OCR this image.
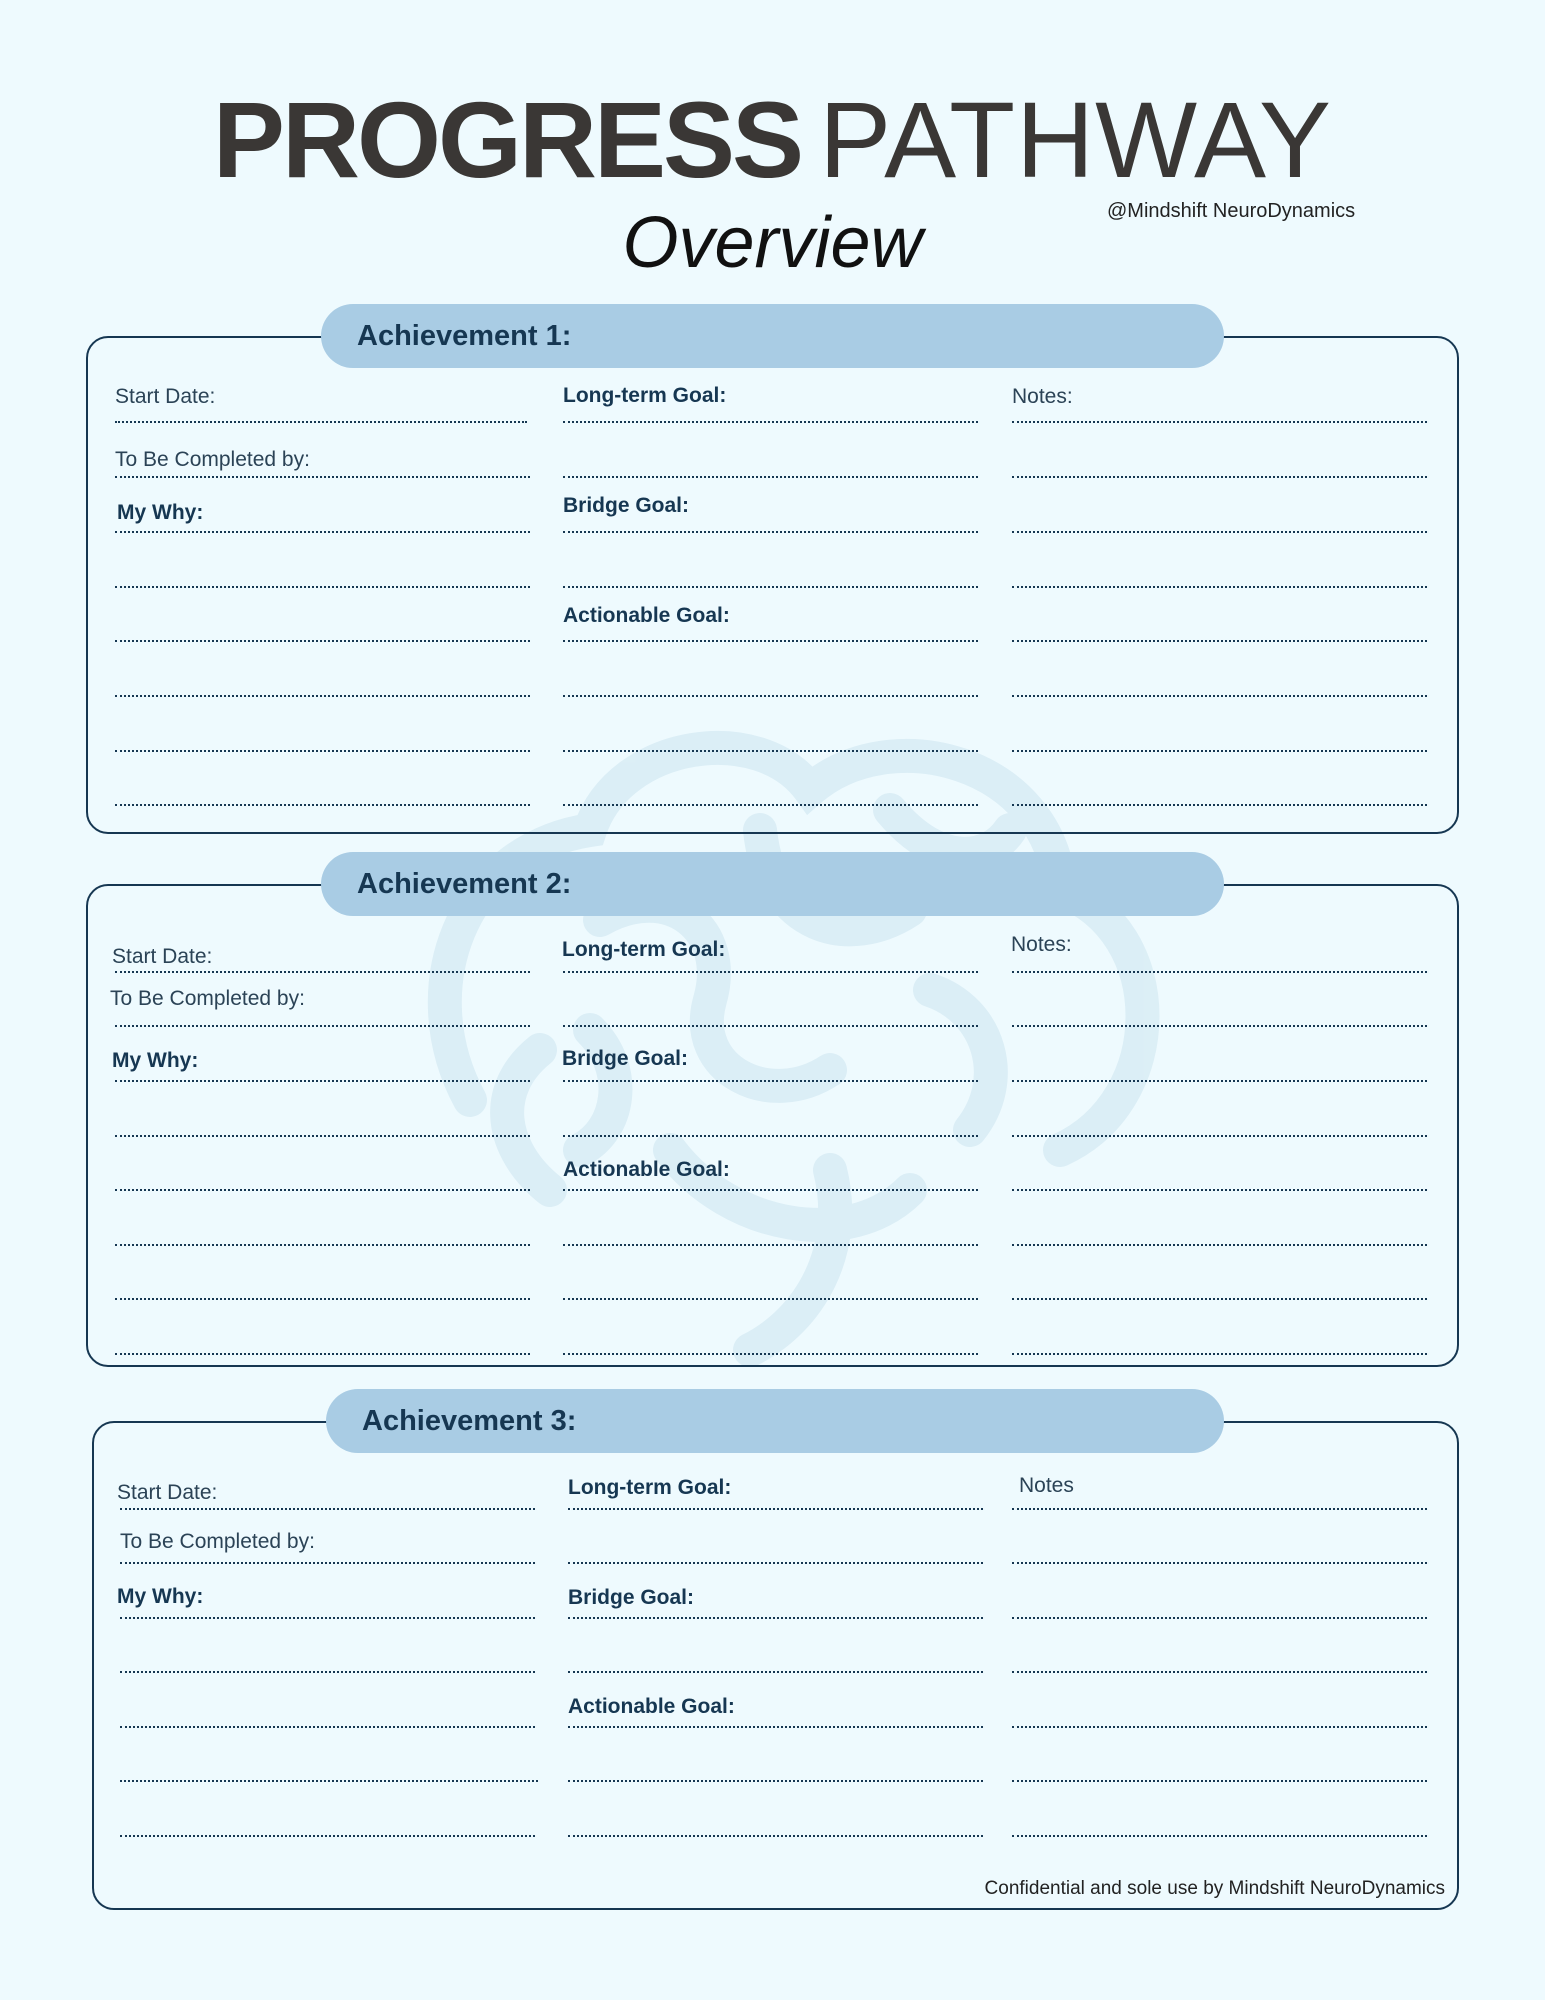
PROGRESS PATHWAY
Overview	@Mindshift NeuroDynamics
Achievement 1:
Start Date:
To Be Completed by:
My Why:
Long-term Goal:
Bridge Goal:
Actionable Goal:
Notes:
Achievement 2:
Start Date:
To Be Completed by:
My Why:
Long-term Goal:
Bridge Goal:
Actionable Goal:
Notes:
Achievement 3:
Start Date:
To Be Completed by:
My Why:
Long-term Goal:
Bridge Goal:
Actionable Goal:
Notes
Confidential and sole use by Mindshift NeuroDynamics
